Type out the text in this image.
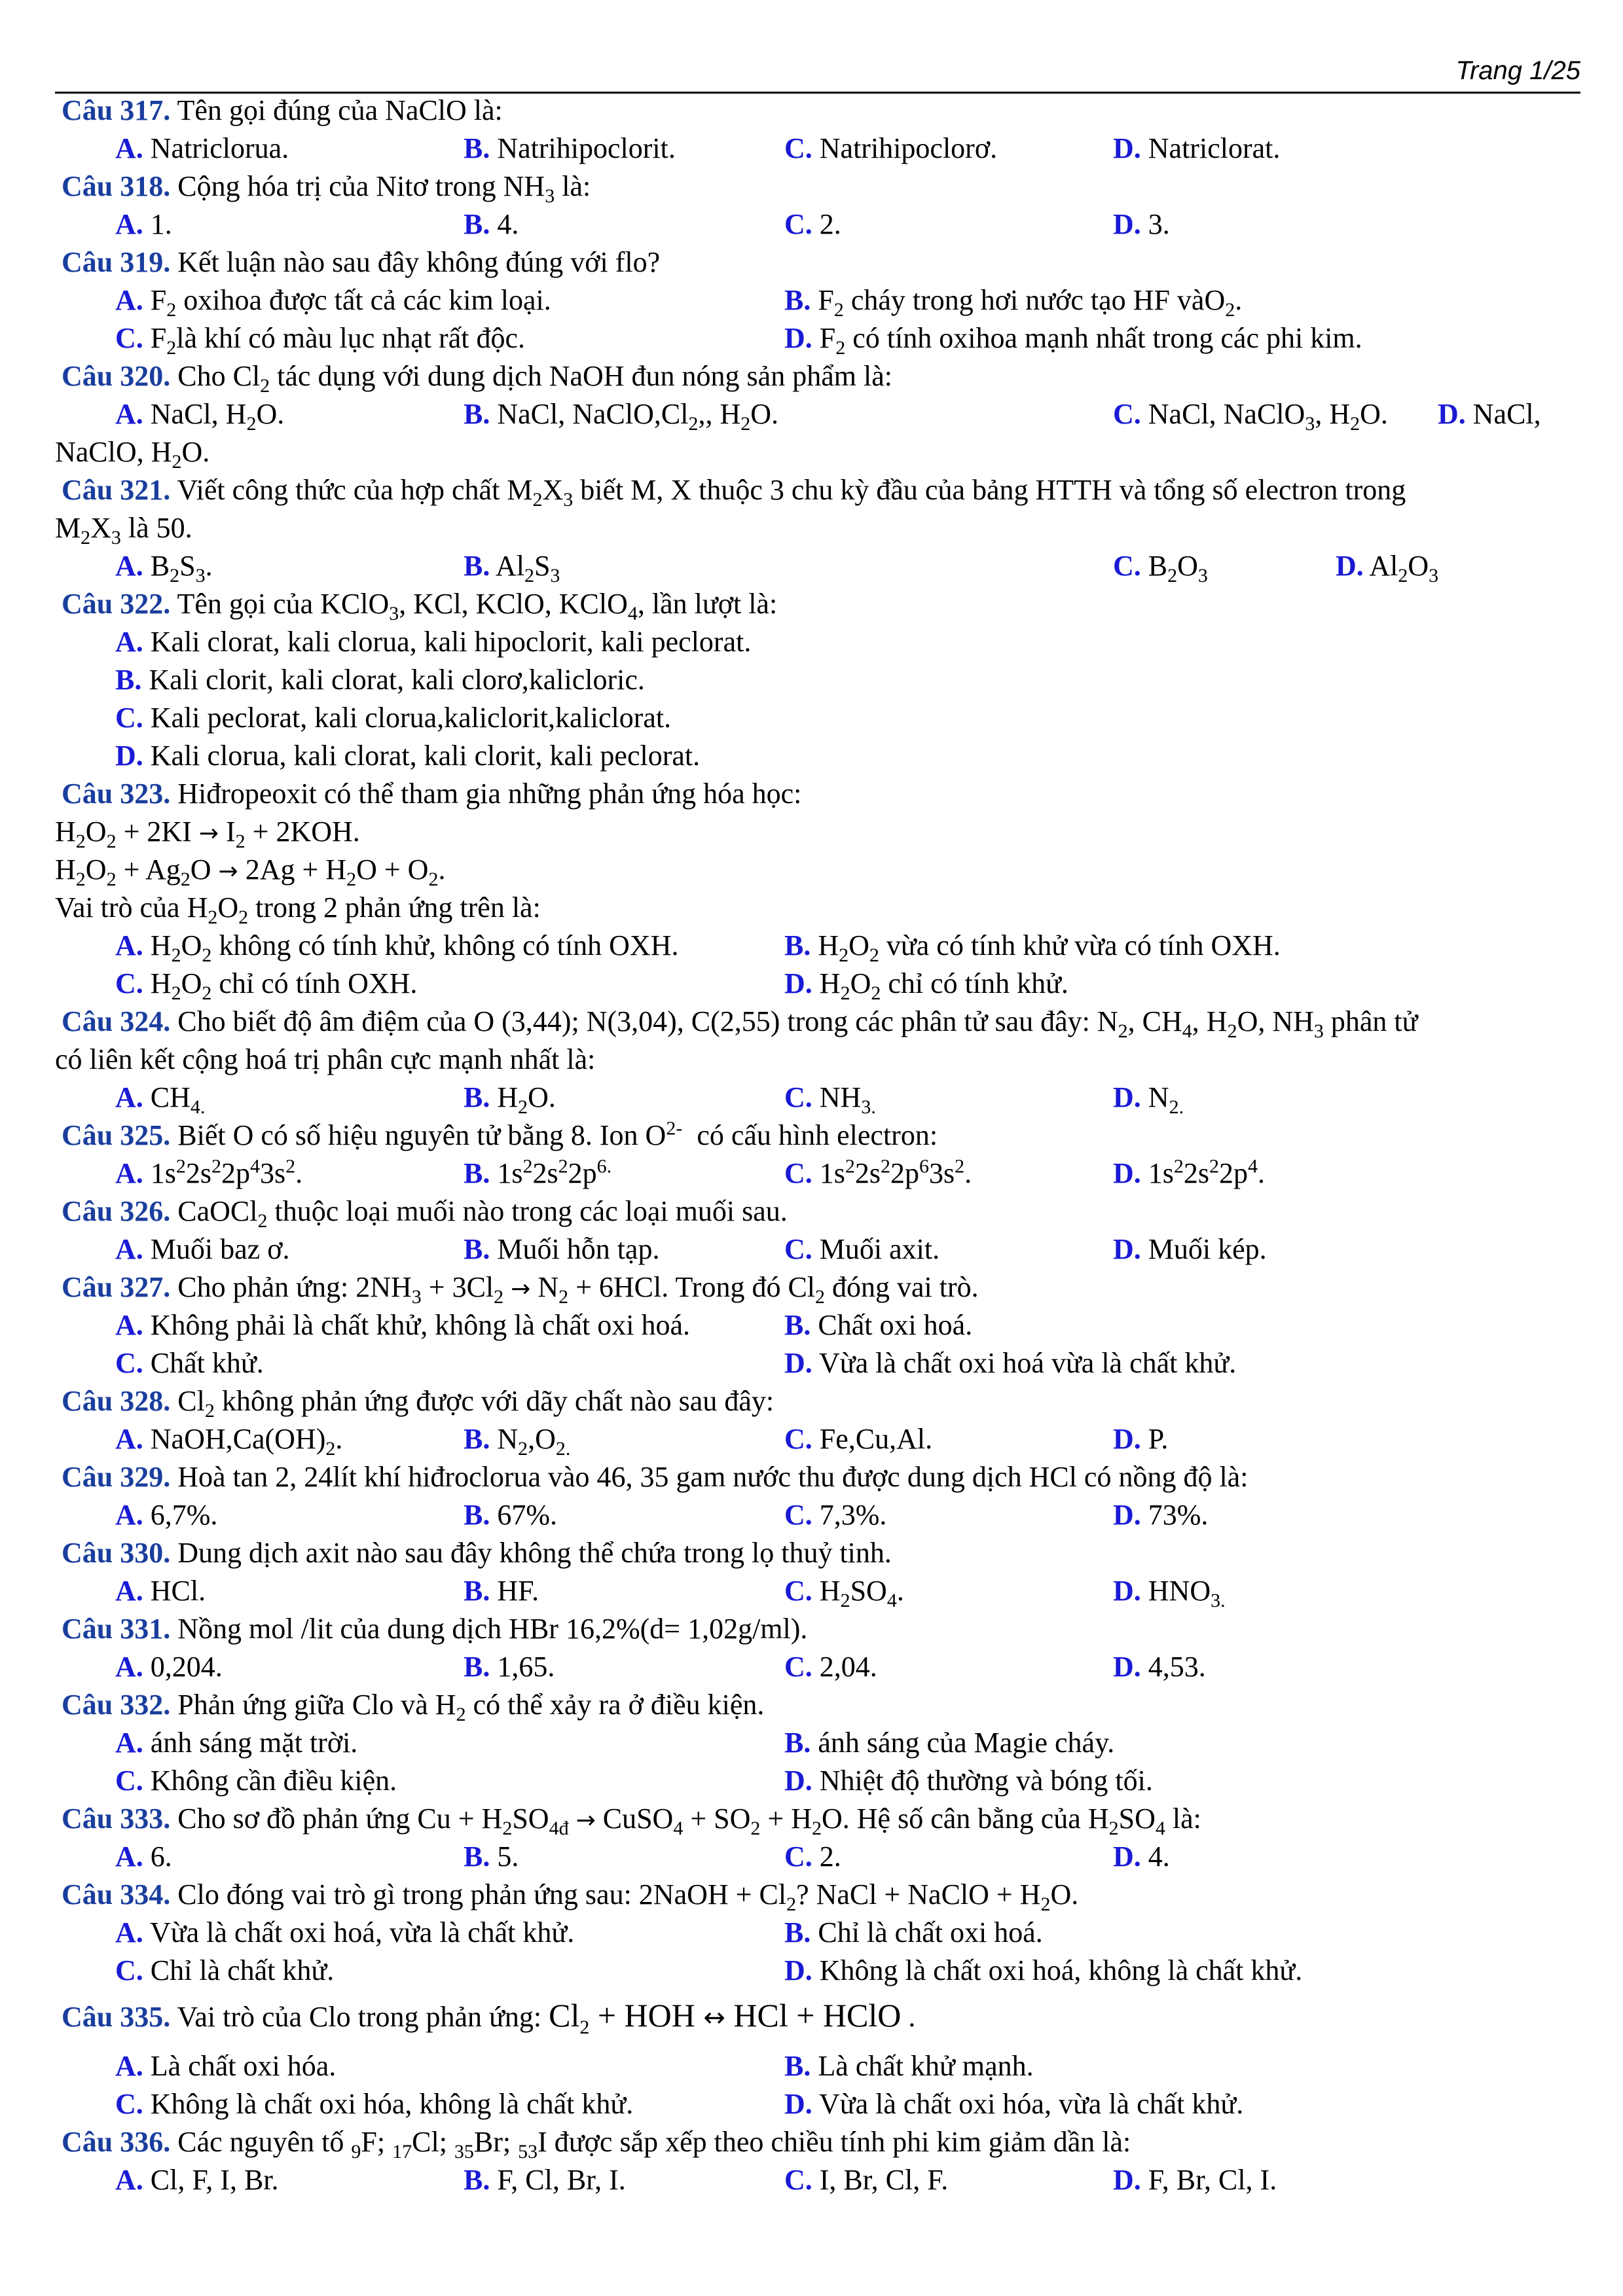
Trang 1/25
Câu 317. Tên gọi đúng của NaClO là:
A. Natriclorua.	B. Natrihipoclorit.	C. Natrihipoclorơ.	D. Natriclorat.
Câu 318. Cộng hóa trị của Nitơ trong $NH_3$ là:
A. 1.	B. 4.	C. 2.	D. 3.
Câu 319. Kết luận nào sau đây không đúng với flo?
A. $F_2$ oxihoa được tất cả các kim loại.	B. $F_2$ cháy trong hơi nước tạo HF vàO$_2$.
C. $F_2là$ khí có màu lục nhạt rất độc.	D. $F_2$ có tính oxihoa mạnh nhất trong các phi kim.
Câu 320. Cho $Cl_2$ tác dụng với dung dịch NaOH đun nóng sản phẩm là:
A. NaCl, $H_2O$.	B. NaCl, $NaClO,Cl_2$,, $H_2O$.	C. NaCl, NaClO$_3$, $H_2O$. D. NaCl,
NaClO, $H_2O$.
Câu 321. Viết công thức của hợp chất $M_2X_3$ biết M, X thuộc 3 chu kỳ đầu của bảng HTTH và tổng số electron trong
$M_2X_3$ là 50.
A. $B_2S_3$.	B. $Al_2S_3$	C. $B_2O_3$	D. $Al_2O_3$
Câu 322. Tên gọi của KClO$_3$, KCl, KClO, KClO$_4$, lần lượt là:
A. Kali clorat, kali clorua, kali hipoclorit, kali peclorat.
B. Kali clorit, kali clorat, kali clorơ,kalicloric.
C. Kali peclorat, kali clorua,kaliclorit,kaliclorat.
D. Kali clorua, kali clorat, kali clorit, kali peclorat.
Câu 323. Hiđropeoxit có thể tham gia những phản ứng hóa học:
$H_2O_2 + 2KI \to I_2 + 2KOH$.
$H_2O_2 + Ag_2O \to 2Ag + H_2O + O_2$.
Vai trò của $H_2O_2$ trong 2 phản ứng trên là:
A. $H_2O_2$ không có tính khử, không có tính OXH.	B. $H_2O_2$ vừa có tính khử vừa có tính OXH.
C. $H_2O_2$ chỉ có tính OXH.	D. $H_2O_2$ chỉ có tính khử.
Câu 324. Cho biết độ âm điệm của O (3,44); N(3,04), C(2,55) trong các phân tử sau đây: $N_2$, $CH_4$, $H_2O$, $NH_3$ phân tử
có liên kết cộng hoá trị phân cực mạnh nhất là:
A. $CH_{4.}$	B. $H_2O$.	C. $NH_{3.}$	D. $N_{2.}$
Câu 325. Biết O có số hiệu nguyên tử bằng 8. Ion $O^{2-}$  có cấu hình electron:
A. $1s^22s^22p^43s^2$.	B. $1s^22s^22p^{6.}$	C. $1s^22s^22p^63s^2$.	D. $1s^22s^22p^4$.
Câu 326. CaOCl$_2$ thuộc loại muối nào trong các loại muối sau.
A. Muối baz ơ.	B. Muối hỗn tạp.	C. Muối axit.	D. Muối kép.
Câu 327. Cho phản ứng: $2NH_3 + 3Cl_2 \to N_2 + 6HCl$. Trong đó $Cl_2$ đóng vai trò.
A. Không phải là chất khử, không là chất oxi hoá.	B. Chất oxi hoá.
C. Chất khử.	D. Vừa là chất oxi hoá vừa là chất khử.
Câu 328. $Cl_2$ không phản ứng được với dãy chất nào sau đây:
A. $NaOH,Ca(OH)_2$.	B. $N_2,O_{2.}$	C. Fe,Cu,Al.	D. P.
Câu 329. Hoà tan 2, 24lít khí hiđroclorua vào 46, 35 gam nước thu được dung dịch HCl có nồng độ là:
A. 6,7%.	B. 67%.	C. 7,3%.	D. 73%.
Câu 330. Dung dịch axit nào sau đây không thể chứa trong lọ thuỷ tinh.
A. HCl.	B. HF.	C. $H_2SO_4$.	D. $HNO_{3.}$
Câu 331. Nồng mol /lit của dung dịch HBr 16,2%(d= 1,02g/ml).
A. 0,204.	B. 1,65.	C. 2,04.	D. 4,53.
Câu 332. Phản ứng giữa Clo và $H_2$ có thể xảy ra ở điều kiện.
A. ánh sáng mặt trời.	B. ánh sáng của Magie cháy.
C. Không cần điều kiện.	D. Nhiệt độ thường và bóng tối.
Câu 333. Cho sơ đồ phản ứng $Cu + H_2SO_{4đ}$ → CuSO$_4$ + $SO_2 + H_2O$. Hệ số cân bằng của $H_2SO_4$ là:
A. 6.	B. 5.	C. 2.	D. 4.
Câu 334. Clo đóng vai trò gì trong phản ứng sau: 2NaOH + $Cl_2$? NaCl + NaClO + $H_2O$.
A. Vừa là chất oxi hoá, vừa là chất khử.	B. Chỉ là chất oxi hoá.
C. Chỉ là chất khử.	D. Không là chất oxi hoá, không là chất khử.
Câu 335. Vai trò của Clo trong phản ứng: $Cl_2$ + HOH ↔ HCl + HClO .
A. Là chất oxi hóa.	B. Là chất khử mạnh.
C. Không là chất oxi hóa, không là chất khử.	D. Vừa là chất oxi hóa, vừa là chất khử.
Câu 336. Các nguyên tố $_9$F; $_{17}$Cl; $_{35}$Br; $_{53}$I được sắp xếp theo chiều tính phi kim giảm dần là:
A. Cl, F, I, Br.	B. F, Cl, Br, I.	C. I, Br, Cl, F.	D. F, Br, Cl, I.
